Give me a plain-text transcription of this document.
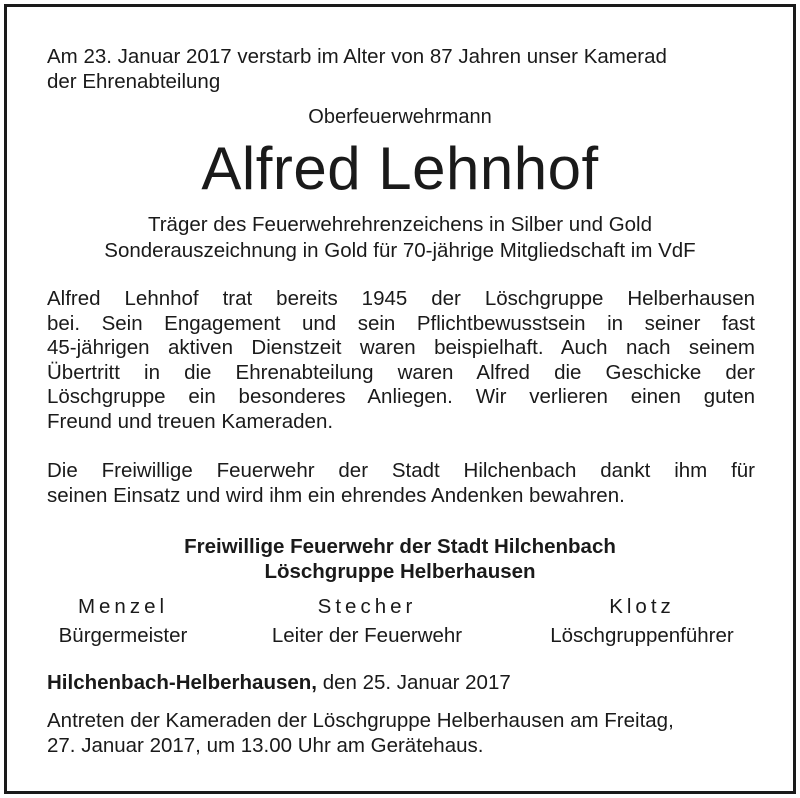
Am 23. Januar 2017 verstarb im Alter von 87 Jahren unser Kamerad
der Ehrenabteilung
Oberfeuerwehrmann
Alfred Lehnhof
Träger des Feuerwehrehrenzeichens in Silber und Gold
Sonderauszeichnung in Gold für 70-jährige Mitgliedschaft im VdF
Alfred Lehnhof trat bereits 1945 der Löschgruppe Helberhausen
bei. Sein Engagement und sein Pflichtbewusstsein in seiner fast
45-jährigen aktiven Dienstzeit waren beispielhaft. Auch nach seinem
Übertritt in die Ehrenabteilung waren Alfred die Geschicke der
Löschgruppe ein besonderes Anliegen. Wir verlieren einen guten
Freund und treuen Kameraden.
Die Freiwillige Feuerwehr der Stadt Hilchenbach dankt ihm für
seinen Einsatz und wird ihm ein ehrendes Andenken bewahren.
Freiwillige Feuerwehr der Stadt Hilchenbach
Löschgruppe Helberhausen
Menzel
Bürgermeister
Stecher
Leiter der Feuerwehr
Klotz
Löschgruppenführer
Hilchenbach-Helberhausen, den 25. Januar 2017
Antreten der Kameraden der Löschgruppe Helberhausen am Freitag,
27. Januar 2017, um 13.00 Uhr am Gerätehaus.
